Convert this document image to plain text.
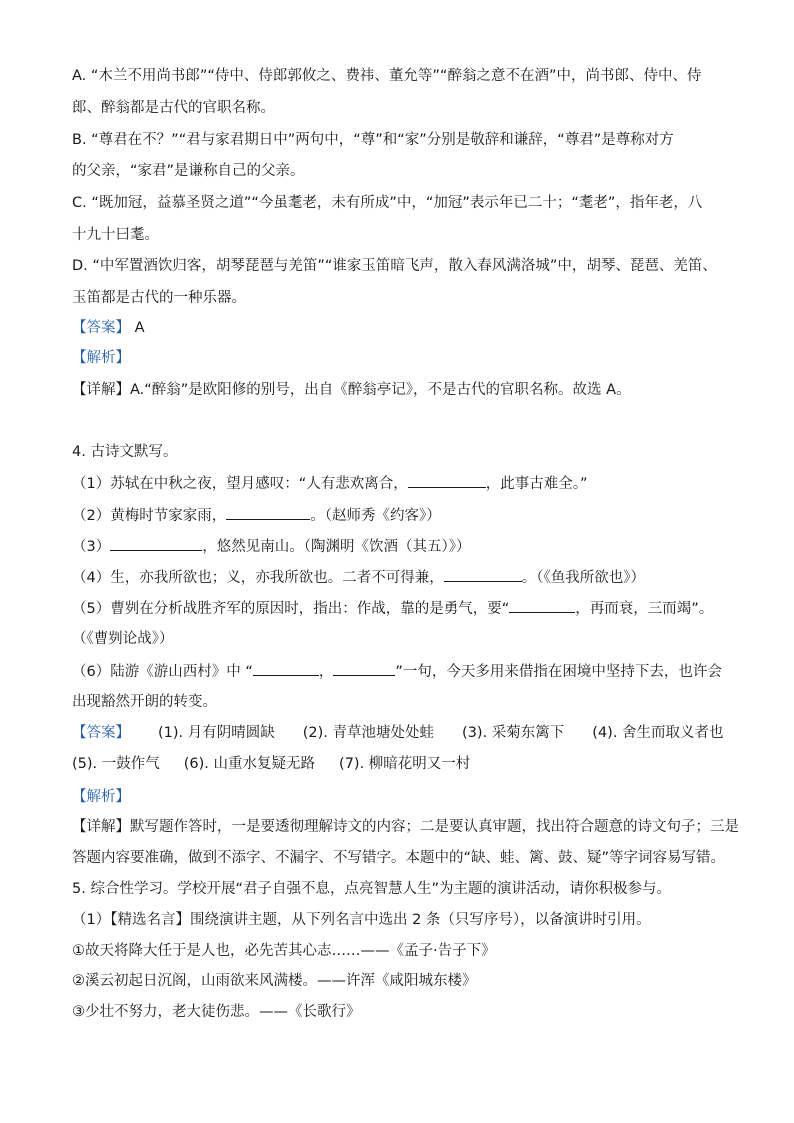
A. “木兰不用尚书郎”“侍中、侍郎郭攸之、费祎、董允等”“醉翁之意不在酒”中，尚书郎、侍中、侍
郎、醉翁都是古代的官职名称。
B. “尊君在不？”“君与家君期日中”两句中，“尊”和“家”分别是敬辞和谦辞，“尊君”是尊称对方
的父亲，“家君”是谦称自己的父亲。
C. “既加冠，益慕圣贤之道”“今虽耄老，未有所成”中，“加冠”表示年已二十；“耄老”，指年老，八
十九十曰耄。
D. “中军置酒饮归客，胡琴琵琶与羌笛”“谁家玉笛暗飞声，散入春风满洛城”中，胡琴、琵琶、羌笛、
玉笛都是古代的一种乐器。
【答案】 A
【解析】
【详解】A.“醉翁”是欧阳修的别号，出自《醉翁亭记》，不是古代的官职名称。故选 A。
4. 古诗文默写。
（1）苏轼在中秋之夜，望月感叹：“人有悲欢离合，	，此事古难全。”
（2）黄梅时节家家雨，	。（赵师秀《约客》）
（3）	，悠然见南山。（陶渊明《饮酒（其五）》）
（4）生，亦我所欲也；义，亦我所欲也。二者不可得兼，	。（《鱼我所欲也》）
（5）曹刿在分析战胜齐军的原因时，指出：作战，靠的是勇气，要“	，再而衰，三而竭”。
（《曹刿论战》）
（6）陆游《游山西村》中 “	，	”一句，今天多用来借指在困境中坚持下去，也许会
出现豁然开朗的转变。
【答案】 (1). 月有阴晴圆缺 (2). 青草池塘处处蛙 (3). 采菊东篱下 (4). 舍生而取义者也
(5). 一鼓作气 (6). 山重水复疑无路 (7). 柳暗花明又一村
【解析】
【详解】默写题作答时，一是要透彻理解诗文的内容；二是要认真审题，找出符合题意的诗文句子；三是
答题内容要准确，做到不添字、不漏字、不写错字。本题中的“缺、蛙、篱、鼓、疑”等字词容易写错。
5. 综合性学习。学校开展“君子自强不息，点亮智慧人生”为主题的演讲活动，请你积极参与。
（1）【精选名言】围绕演讲主题，从下列名言中选出 2 条（只写序号），以备演讲时引用。
①故天将降大任于是人也，必先苦其心志……——《孟子·告子下》
②溪云初起日沉阁，山雨欲来风满楼。——许浑《咸阳城东楼》
③少壮不努力，老大徒伤悲。——《长歌行》
